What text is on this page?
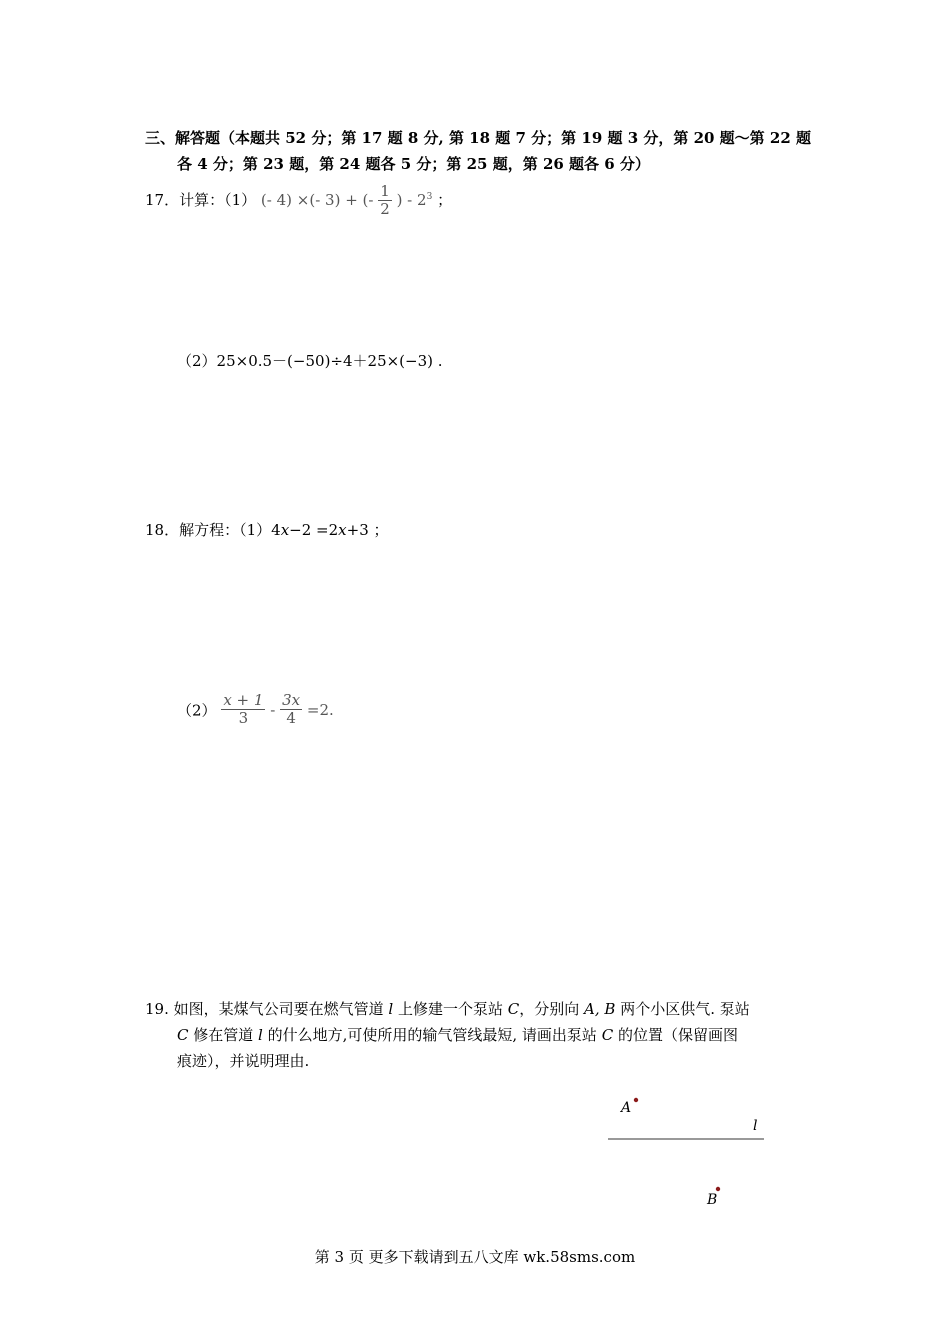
三、解答题（本题共 52 分；第 17 题 8 分, 第 18 题 7 分；第 19 题 3 分，第 20 题～第 22 题
各 4 分；第 23 题，第 24 题各 5 分；第 25 题，第 26 题各 6 分）
17．计算：（1） (- 4) ×(- 3) + (- $\frac{1}{2}$ ) - $2^3$ ；
（2）25×0.5－(−50)÷4＋25×(−3) .
18．解方程：（1）4x−2 =2x+3 ；
$(2) \frac{x + 1}{3} - \frac{3x}{4} =2$.
19. 如图，某煤气公司要在燃气管道 l 上修建一个泵站 C，分别向 A, B 两个小区供气. 泵站
C 修在管道 l 的什么地方,可使所用的输气管线最短, 请画出泵站 C 的位置（保留画图
痕迹），并说明理由.
A
l
B
第 3 页 更多下载请到五八文库 wk.58sms.com
